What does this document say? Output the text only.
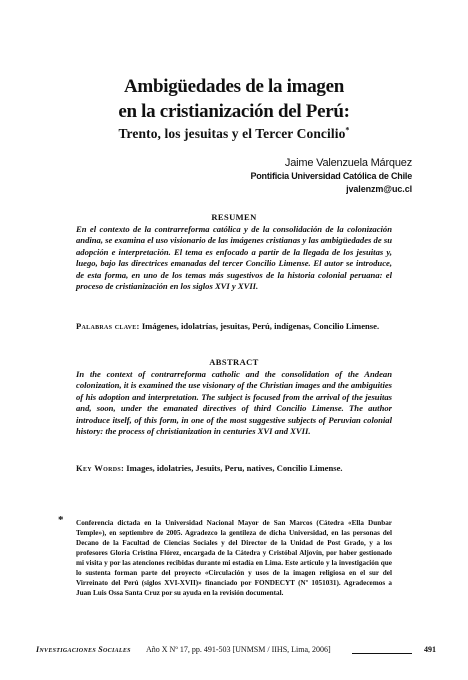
Ambigüedades de la imagen
en la cristianización del Perú:
Trento, los jesuitas y el Tercer Concilio*
Jaime Valenzuela Márquez
Pontificia Universidad Católica de Chile
jvalenzm@uc.cl
RESUMEN
En el contexto de la contrarreforma católica y de la consolidación de la colonización andina, se examina el uso visionario de las imágenes cristianas y las ambigüedades de su adopción e interpretación. El tema es enfocado a partir de la llegada de los jesuitas y, luego, bajo las directrices emanadas del tercer Concilio Limense. El autor se introduce, de esta forma, en uno de los temas más sugestivos de la historia colonial peruana: el proceso de cristianización en los siglos XVI y XVII.
Palabras clave: Imágenes, idolatrías, jesuitas, Perú, indígenas, Concilio Limense.
ABSTRACT
In the context of contrarreforma catholic and the consolidation of the Andean colonization, it is examined the use visionary of the Christian images and the ambiguities of his adoption and interpretation. The subject is focused from the arrival of the jesuitas and, soon, under the emanated directives of third Concilio Limense. The author introduce itself, of this form, in one of the most suggestive subjects of Peruvian colonial history: the process of christianization in centuries XVI and XVII.
Key Words: Images, idolatries, Jesuits, Peru, natives, Concilio Limense.
* Conferencia dictada en la Universidad Nacional Mayor de San Marcos (Cátedra «Ella Dunbar Temple»), en septiembre de 2005. Agradezco la gentileza de dicha Universidad, en las personas del Decano de la Facultad de Ciencias Sociales y del Director de la Unidad de Post Grado, y a los profesores Gloria Cristina Flórez, encargada de la Cátedra y Cristóbal Aljovín, por haber gestionado mi visita y por las atenciones recibidas durante mi estadía en Lima. Este artículo y la investigación que lo sustenta forman parte del proyecto «Circulación y usos de la imagen religiosa en el sur del Virreinato del Perú (siglos XVI-XVII)» financiado por FONDECYT (Nº 1051031). Agradecemos a Juan Luis Ossa Santa Cruz por su ayuda en la revisión documental.
Investigaciones Sociales Año X Nº 17, pp. 491-503 [UNMSM / IIHS, Lima, 2006]	491
